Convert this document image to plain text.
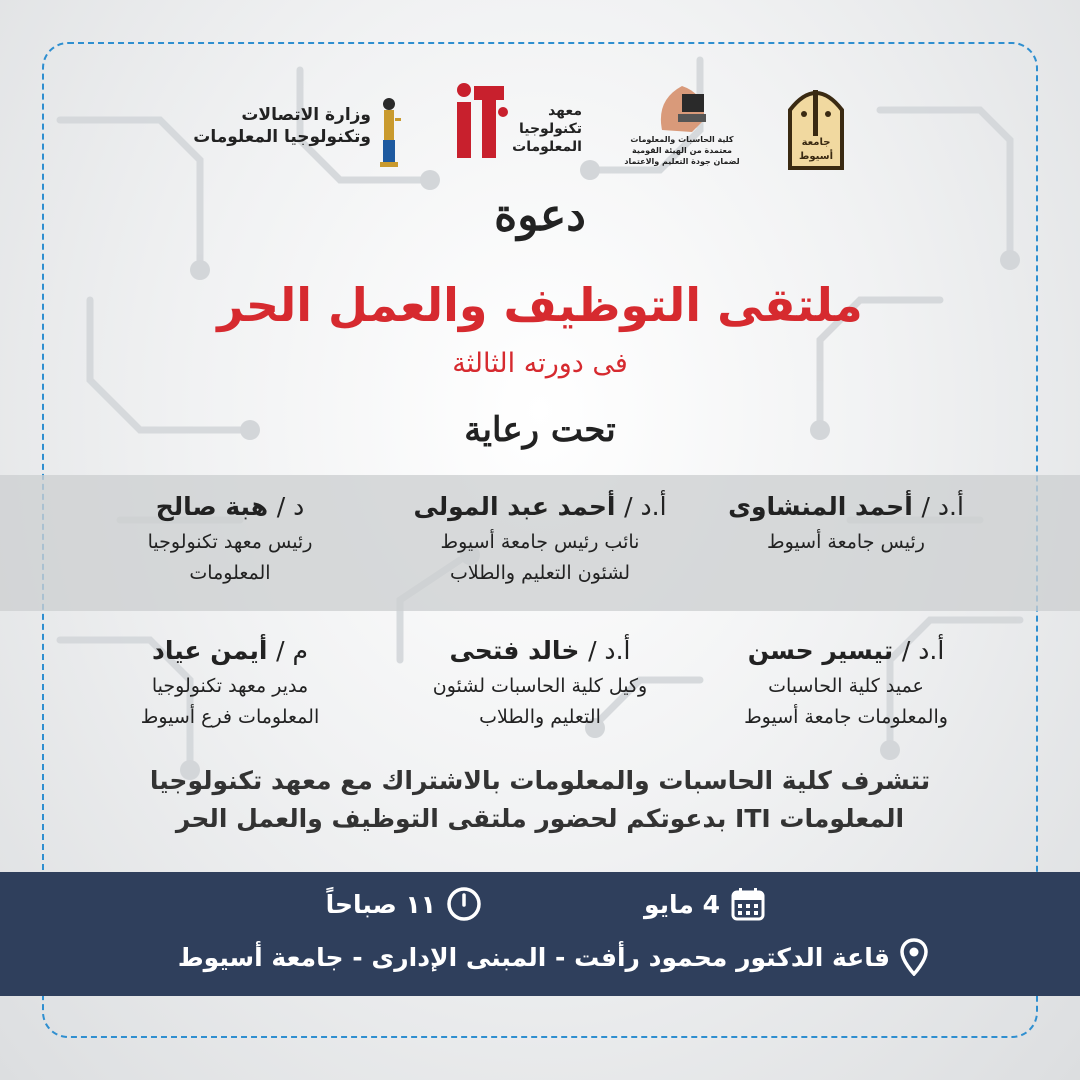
وزارة الاتصالات
وتكنولوجيا المعلومات
معهد
تكنولوجيا
المعلومات	كلية الحاسبات والمعلومات
معتمدة من الهيئة القومية
لضمان جودة التعليم والاعتماد
جامعة أسيوط
دعوة
ملتقى التوظيف والعمل الحر
فى دورته الثالثة
تحت رعاية
أ.د / أحمد المنشاوى
رئيس جامعة أسيوط
أ.د / أحمد عبد المولى
نائب رئيس جامعة أسيوط
لشئون التعليم والطلاب
د / هبة صالح
رئيس معهد تكنولوجيا
المعلومات
أ.د / تيسير حسن
عميد كلية الحاسبات
والمعلومات جامعة أسيوط
أ.د / خالد فتحى
وكيل كلية الحاسبات لشئون
التعليم والطلاب
م / أيمن عياد
مدير معهد تكنولوجيا
المعلومات فرع أسيوط
تتشرف كلية الحاسبات والمعلومات بالاشتراك مع معهد تكنولوجيا
المعلومات ITI بدعوتكم لحضور ملتقى التوظيف والعمل الحر
4 مايو
١١ صباحاً
قاعة الدكتور محمود رأفت - المبنى الإدارى - جامعة أسيوط
